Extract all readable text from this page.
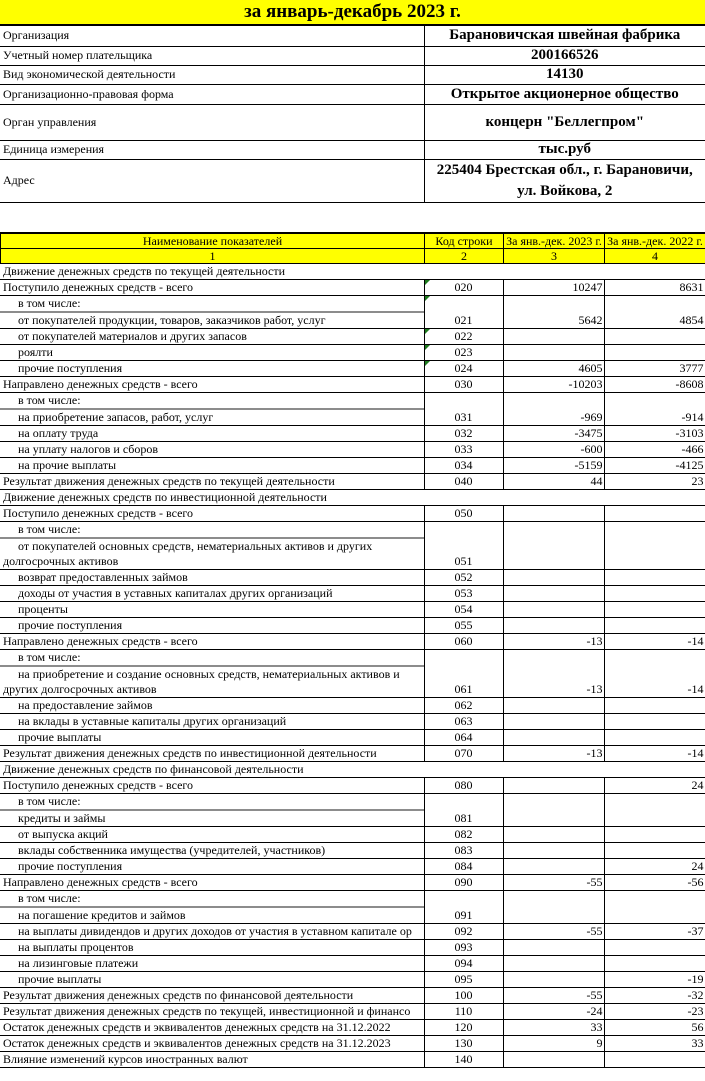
за январь-декабрь 2023 г.
Организация	Барановичская швейная фабрика
Учетный номер плательщика	200166526
Вид экономической деятельности	14130
Организационно-правовая форма	Открытое акционерное общество
Орган управления	концерн "Беллегпром"
Единица измерения	тыс.руб
Адрес	225404 Брестская обл., г. Барановичи,
ул. Войкова, 2
Наименование показателей	Код строки	За янв.-дек. 2023 г.	За янв.-дек. 2022 г.
1	2	3	4
Движение денежных средств по текущей деятельности			
Поступило денежных средств - всего	020	10247	8631

в том числе:
от покупателей продукции, товаров, заказчиков работ, услуг	021	5642	4854
от покупателей материалов и других запасов	022		
роялти	023		
прочие поступления	024	4605	3777
Направлено денежных средств - всего	030	-10203	-8608

в том числе:
на приобретение запасов, работ, услуг	031	-969	-914
на оплату труда	032	-3475	-3103
на уплату налогов и сборов	033	-600	-466
на прочие выплаты	034	-5159	-4125
Результат движения денежных средств по текущей деятельности	040	44	23
Движение денежных средств по инвестиционной деятельности			
Поступило денежных средств - всего	050		

в том числе:
от покупателей основных средств, нематериальных активов и других
долгосрочных активов	051		
возврат предоставленных займов	052		
доходы от участия в уставных капиталах других организаций	053		
проценты	054		
прочие поступления	055		
Направлено денежных средств - всего	060	-13	-14

в том числе:
на приобретение и создание основных средств, нематериальных активов и
других долгосрочных активов	061	-13	-14
на предоставление займов	062		
на вклады в уставные капиталы других организаций	063		
прочие выплаты	064		
Результат движения денежных средств по инвестиционной деятельности	070	-13	-14
Движение денежных средств по финансовой деятельности			
Поступило денежных средств - всего	080		24

в том числе:
кредиты и займы	081		
от выпуска акций	082		
вклады собственника имущества (учредителей, участников)	083		
прочие поступления	084		24
Направлено денежных средств - всего	090	-55	-56

в том числе:
на погашение кредитов и займов	091		
на выплаты дивидендов и других доходов от участия в уставном капитале ор	092	-55	-37
на выплаты процентов	093		
на лизинговые платежи	094		
прочие выплаты	095		-19
Результат движения денежных средств по финансовой деятельности	100	-55	-32
Результат движения денежных средств по текущей, инвестиционной и финансо	110	-24	-23
Остаток денежных средств и эквивалентов денежных средств на 31.12.2022	120	33	56
Остаток денежных средств и эквивалентов денежных средств на 31.12.2023	130	9	33
Влияние изменений курсов иностранных валют	140		
